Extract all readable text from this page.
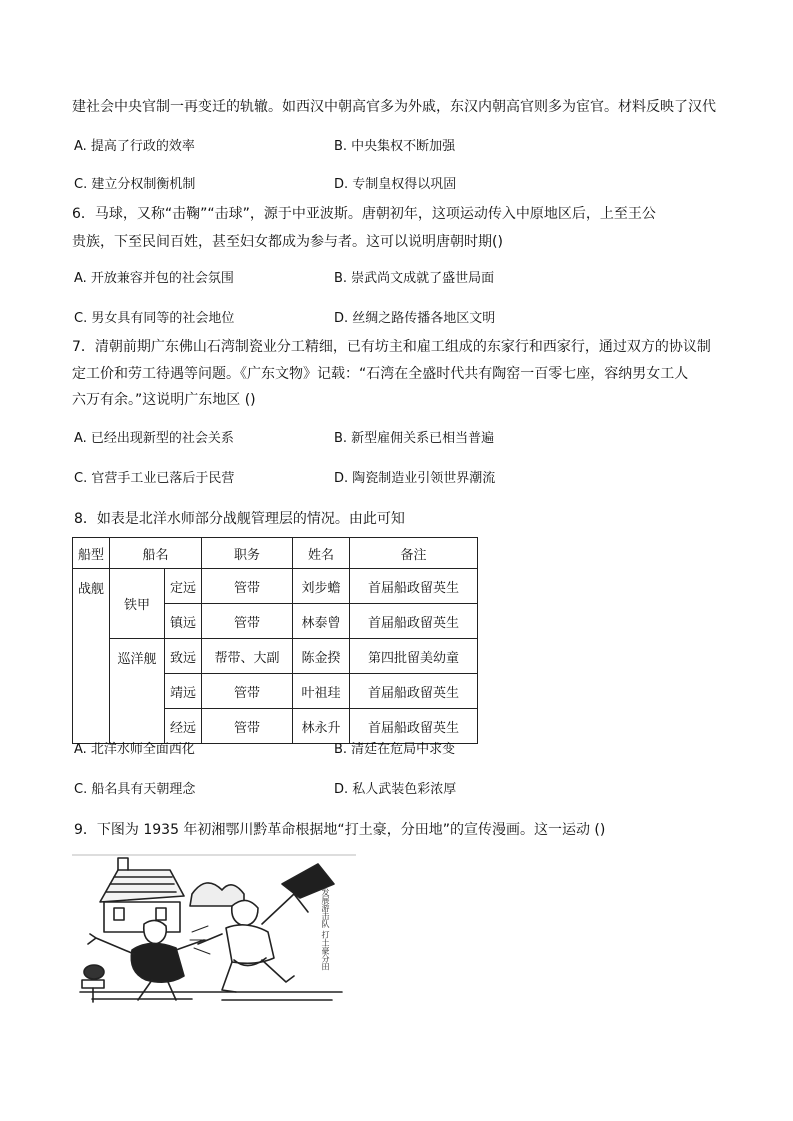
建社会中央官制一再变迁的轨辙。如西汉中朝高官多为外戚，东汉内朝高官则多为宦官。材料反映了汉代
A. 提高了行政的效率	B. 中央集权不断加强
C. 建立分权制衡机制	D. 专制皇权得以巩固
6．马球，又称“击鞠”“击球”，源于中亚波斯。唐朝初年，这项运动传入中原地区后，上至王公
贵族，下至民间百姓，甚至妇女都成为参与者。这可以说明唐朝时期()
A. 开放兼容并包的社会氛围	B. 崇武尚文成就了盛世局面
C. 男女具有同等的社会地位	D. 丝绸之路传播各地区文明
7．清朝前期广东佛山石湾制瓷业分工精细，已有坊主和雇工组成的东家行和西家行，通过双方的协议制
定工价和劳工待遇等问题。《广东文物》记载：“石湾在全盛时代共有陶窑一百零七座，容纳男女工人
六万有余。”这说明广东地区 ()
A. 已经出现新型的社会关系	B. 新型雇佣关系已相当普遍
C. 官营手工业已落后于民营	D. 陶瓷制造业引领世界潮流
8．如表是北洋水师部分战舰管理层的情况。由此可知
船型	船名		职务	姓名	备注
战舰	铁甲	定远	管带	刘步蟾	首届船政留英生
		镇远	管带	林泰曾	首届船政留英生
	巡洋舰	致远	帮带、大副	陈金揆	第四批留美幼童
		靖远	管带	叶祖珪	首届船政留英生
		经远	管带	林永升	首届船政留英生
A. 北洋水师全面西化	B. 清廷在危局中求变
C. 船名具有天朝理念	D. 私人武装色彩浓厚
9．下图为 1935 年初湘鄂川黔革命根据地“打土豪，分田地”的宣传漫画。这一运动 ()
发展游击队 打土豪分田
